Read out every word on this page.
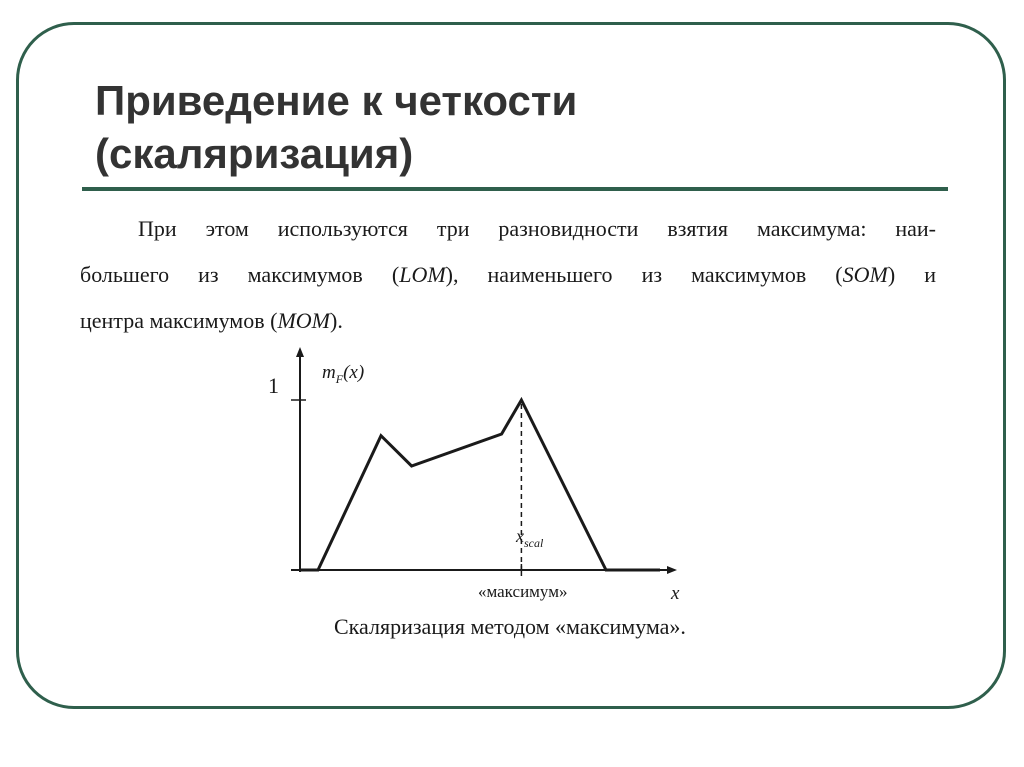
Приведение к четкости
(скаляризация)

При этом используются три разновидности взятия максимума: наи-
большего из максимумов (LOM), наименьшего из максимумов (SOM) и
центра максимумов (MOM).

1
$m_F(x)$
$x_{scal}$
«максимум»	x
Скаляризация методом «максимума».
